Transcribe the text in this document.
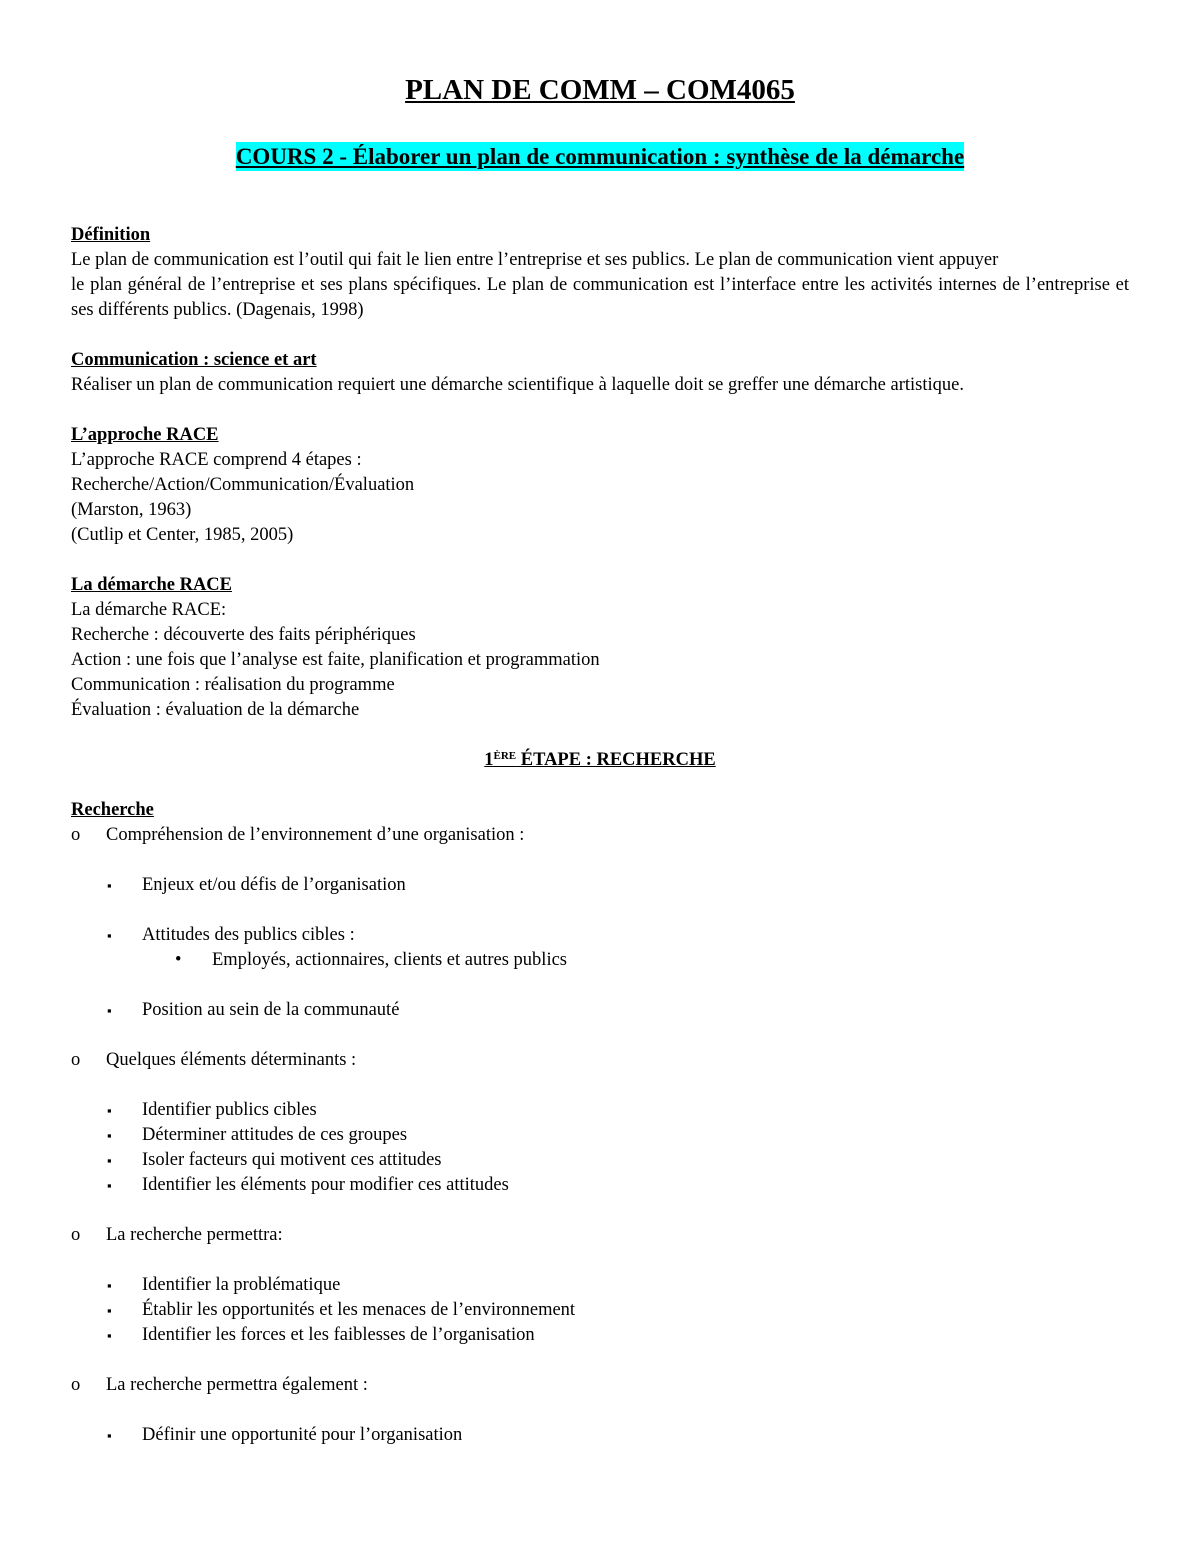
PLAN DE COMM – COM4065
COURS 2 - Élaborer un plan de communication : synthèse de la démarche

Définition

Le plan de communication est l’outil qui fait le lien entre l’entreprise et ses publics. Le plan de communication vient appuyer

le plan général de l’entreprise et ses plans spécifiques. Le plan de communication est l’interface entre les activités internes de l’entreprise et ses différents publics. (Dagenais, 1998)

Communication : science et art

Réaliser un plan de communication requiert une démarche scientifique à laquelle doit se greffer une démarche artistique.

L’approche RACE

L’approche RACE comprend 4 étapes :

Recherche/Action/Communication/Évaluation

(Marston, 1963)

(Cutlip et Center, 1985, 2005)

La démarche RACE

La démarche RACE:

Recherche : découverte des faits périphériques

Action : une fois que l’analyse est faite, planification et programmation

Communication : réalisation du programme

Évaluation : évaluation de la démarche

1ÈRE ÉTAPE : RECHERCHE

Recherche

o	Compréhension de l’environnement d’une organisation :
▪ Enjeux et/ou défis de l’organisation
▪ Attitudes des publics cibles :
• Employés, actionnaires, clients et autres publics
▪ Position au sein de la communauté
o	Quelques éléments déterminants :
▪ Identifier publics cibles
▪ Déterminer attitudes de ces groupes
▪ Isoler facteurs qui motivent ces attitudes
▪ Identifier les éléments pour modifier ces attitudes
o	La recherche permettra:
▪ Identifier la problématique
▪ Établir les opportunités et les menaces de l’environnement
▪ Identifier les forces et les faiblesses de l’organisation
o	La recherche permettra également :
▪ Définir une opportunité pour l’organisation
